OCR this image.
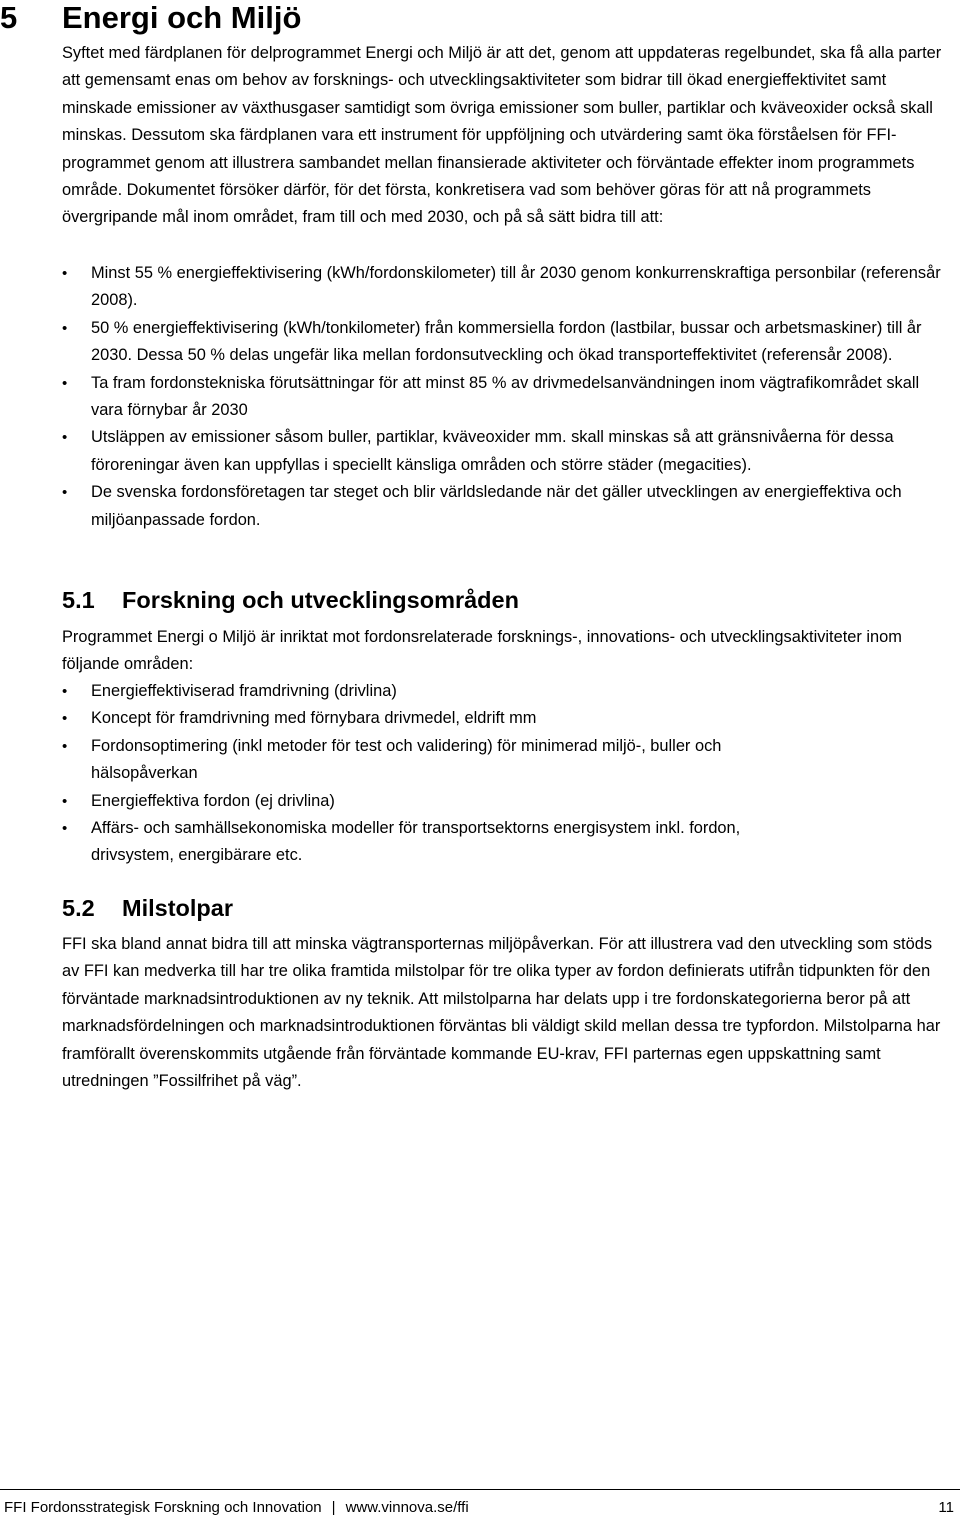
5 Energi och Miljö

Syftet med färdplanen för delprogrammet Energi och Miljö är att det, genom att uppdateras regelbundet, ska få alla parter att gemensamt enas om behov av forsknings- och utvecklingsaktiviteter som bidrar till ökad energieffektivitet samt minskade emissioner av växthusgaser samtidigt som övriga emissioner som buller, partiklar och kväveoxider också skall minskas. Dessutom ska färdplanen vara ett instrument för uppföljning och utvärdering samt öka förståelsen för FFI-programmet genom att illustrera sambandet mellan finansierade aktiviteter och förväntade effekter inom programmets område. Dokumentet försöker därför, för det första, konkretisera vad som behöver göras för att nå programmets övergripande mål inom området, fram till och med 2030, och på så sätt bidra till att:

•	Minst 55 % energieffektivisering (kWh/fordonskilometer) till år 2030 genom konkurrenskraftiga personbilar (referensår 2008).
•	50 % energieffektivisering (kWh/tonkilometer) från kommersiella fordon (lastbilar, bussar och arbetsmaskiner) till år 2030. Dessa 50 % delas ungefär lika mellan fordonsutveckling och ökad transporteffektivitet (referensår 2008).
•	Ta fram fordonstekniska förutsättningar för att minst 85 % av drivmedelsanvändningen inom vägtrafikområdet skall vara förnybar år 2030
•	Utsläppen av emissioner såsom buller, partiklar, kväveoxider mm. skall minskas så att gränsnivåerna för dessa föroreningar även kan uppfyllas i speciellt känsliga områden och större städer (megacities).
•	De svenska fordonsföretagen tar steget och blir världsledande när det gäller utvecklingen av energieffektiva och miljöanpassade fordon.
5.1 Forskning och utvecklingsområden

Programmet Energi o Miljö är inriktat mot fordonsrelaterade forsknings-, innovations- och utvecklingsaktiviteter inom följande områden:

•	Energieffektiviserad framdrivning (drivlina)
•	Koncept för framdrivning med förnybara drivmedel, eldrift mm
•	Fordonsoptimering (inkl metoder för test och validering) för minimerad miljö-, buller och hälsopåverkan
•	Energieffektiva fordon (ej drivlina)
•	Affärs- och samhällsekonomiska modeller för transportsektorns energisystem inkl. fordon, drivsystem, energibärare etc.
5.2 Milstolpar

FFI ska bland annat bidra till att minska vägtransporternas miljöpåverkan. För att illustrera vad den utveckling som stöds av FFI kan medverka till har tre olika framtida milstolpar för tre olika typer av fordon definierats utifrån tidpunkten för den förväntade marknadsintroduktionen av ny teknik. Att milstolparna har delats upp i tre fordonskategorierna beror på att marknadsfördelningen och marknadsintroduktionen förväntas bli väldigt skild mellan dessa tre typfordon. Milstolparna har framförallt överenskommits utgående från förväntade kommande EU-krav, FFI parternas egen uppskattning samt utredningen ”Fossilfrihet på väg”.

FFI Fordonsstrategisk Forskning och Innovation | www.vinnova.se/ffi	11
